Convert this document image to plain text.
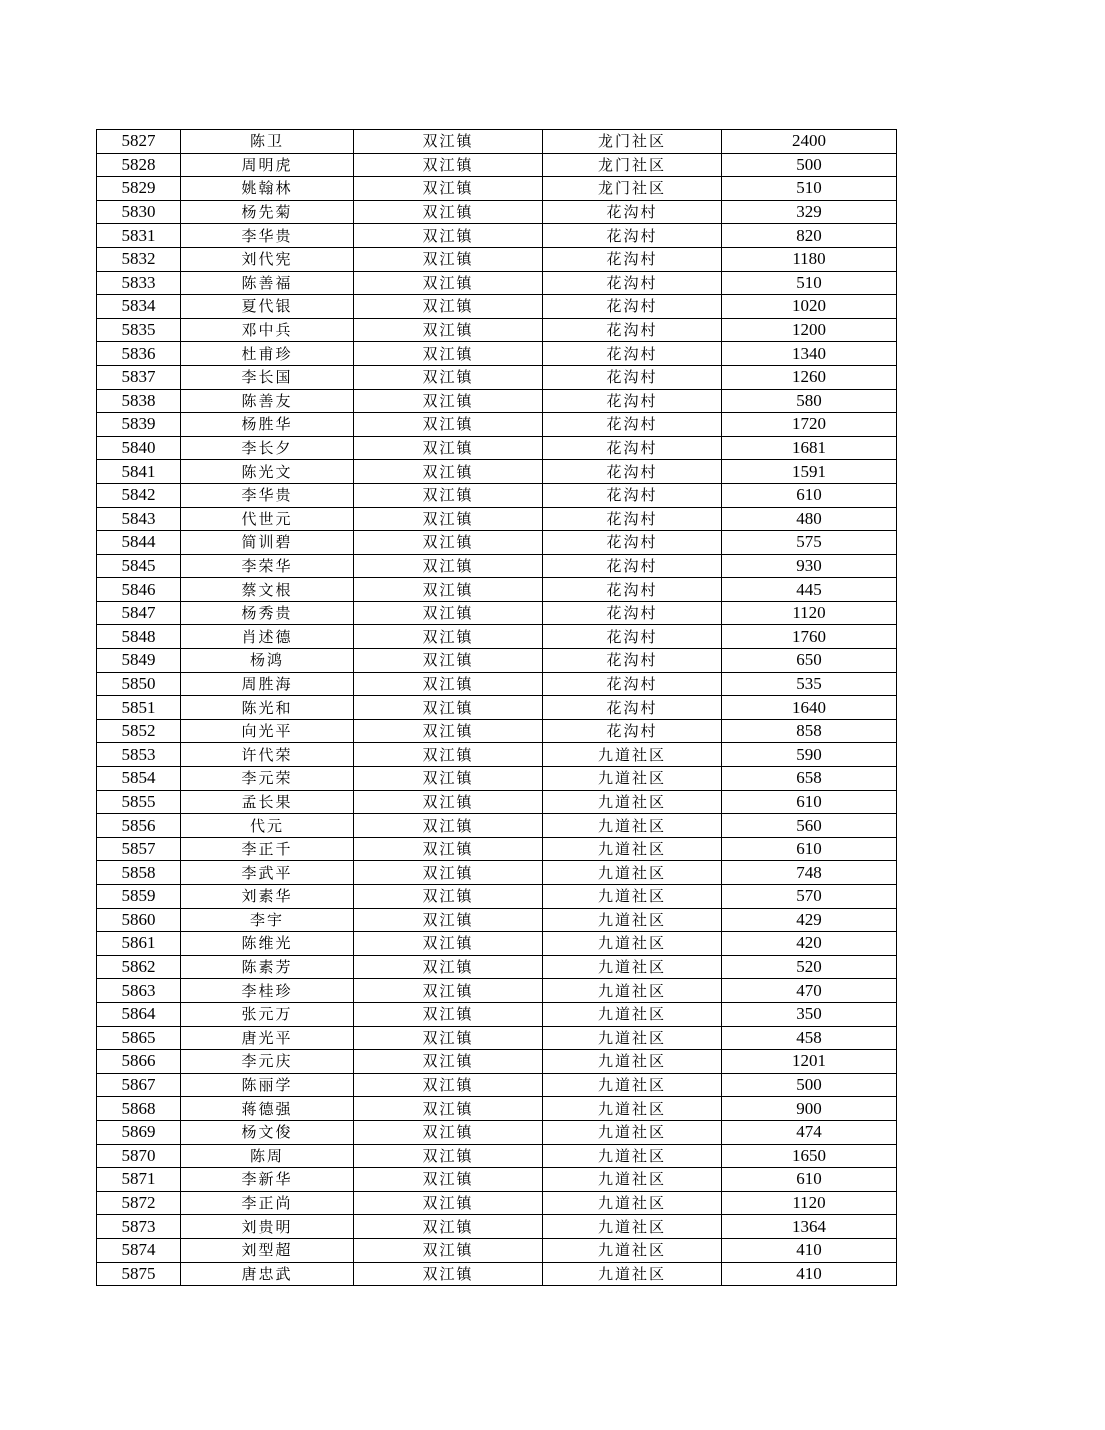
5827	陈卫	双江镇	龙门社区	2400
5828	周明虎	双江镇	龙门社区	500
5829	姚翰林	双江镇	龙门社区	510
5830	杨先菊	双江镇	花沟村	329
5831	李华贵	双江镇	花沟村	820
5832	刘代宪	双江镇	花沟村	1180
5833	陈善福	双江镇	花沟村	510
5834	夏代银	双江镇	花沟村	1020
5835	邓中兵	双江镇	花沟村	1200
5836	杜甫珍	双江镇	花沟村	1340
5837	李长国	双江镇	花沟村	1260
5838	陈善友	双江镇	花沟村	580
5839	杨胜华	双江镇	花沟村	1720
5840	李长夕	双江镇	花沟村	1681
5841	陈光文	双江镇	花沟村	1591
5842	李华贵	双江镇	花沟村	610
5843	代世元	双江镇	花沟村	480
5844	简训碧	双江镇	花沟村	575
5845	李荣华	双江镇	花沟村	930
5846	蔡文根	双江镇	花沟村	445
5847	杨秀贵	双江镇	花沟村	1120
5848	肖述德	双江镇	花沟村	1760
5849	杨鸿	双江镇	花沟村	650
5850	周胜海	双江镇	花沟村	535
5851	陈光和	双江镇	花沟村	1640
5852	向光平	双江镇	花沟村	858
5853	许代荣	双江镇	九道社区	590
5854	李元荣	双江镇	九道社区	658
5855	孟长果	双江镇	九道社区	610
5856	代元	双江镇	九道社区	560
5857	李正千	双江镇	九道社区	610
5858	李武平	双江镇	九道社区	748
5859	刘素华	双江镇	九道社区	570
5860	李宇	双江镇	九道社区	429
5861	陈维光	双江镇	九道社区	420
5862	陈素芳	双江镇	九道社区	520
5863	李桂珍	双江镇	九道社区	470
5864	张元万	双江镇	九道社区	350
5865	唐光平	双江镇	九道社区	458
5866	李元庆	双江镇	九道社区	1201
5867	陈丽学	双江镇	九道社区	500
5868	蒋德强	双江镇	九道社区	900
5869	杨文俊	双江镇	九道社区	474
5870	陈周	双江镇	九道社区	1650
5871	李新华	双江镇	九道社区	610
5872	李正尚	双江镇	九道社区	1120
5873	刘贵明	双江镇	九道社区	1364
5874	刘型超	双江镇	九道社区	410
5875	唐忠武	双江镇	九道社区	410
